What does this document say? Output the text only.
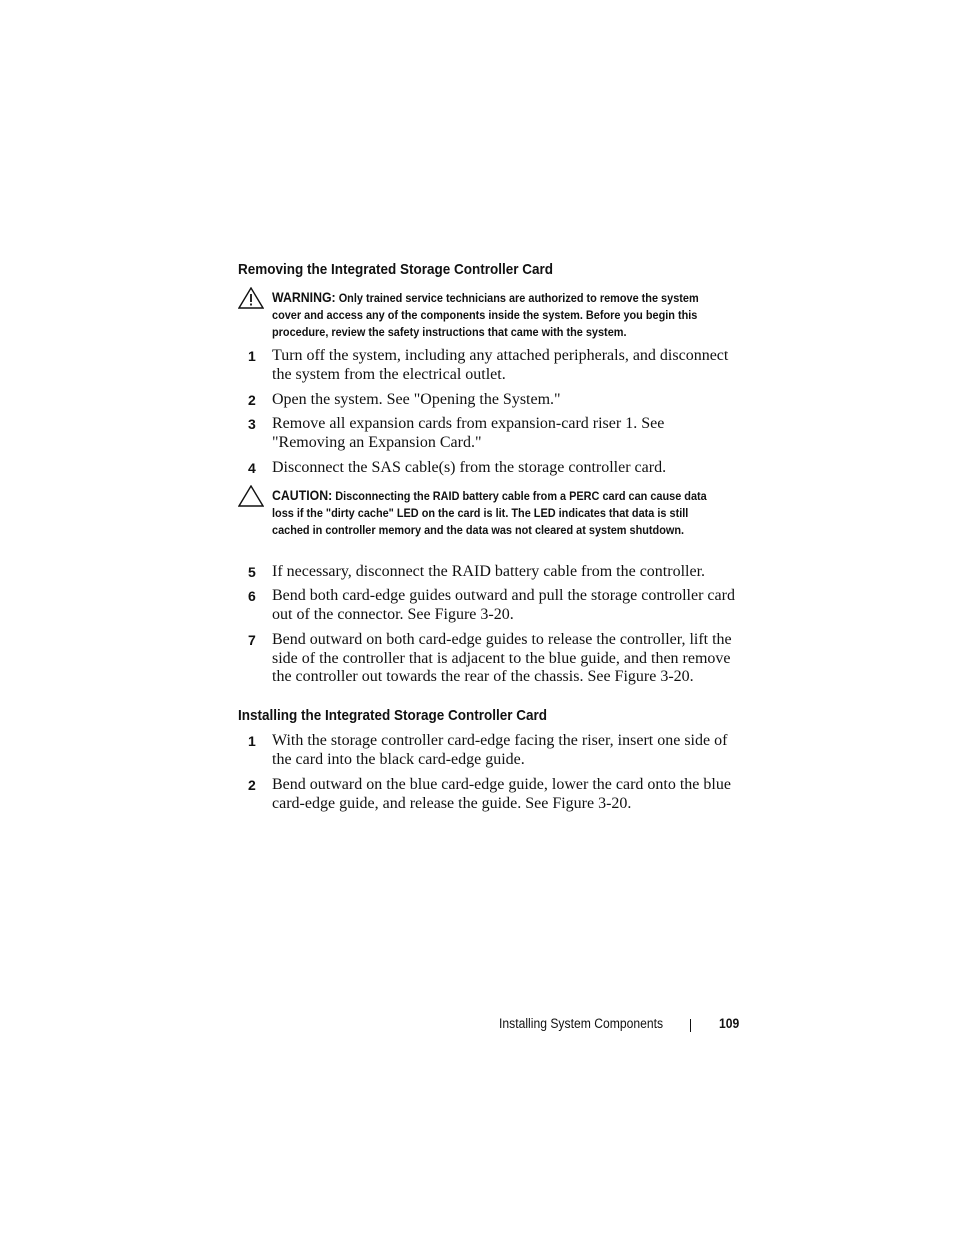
Removing the Integrated Storage Controller Card
WARNING: Only trained service technicians are authorized to remove the system cover and access any of the components inside the system. Before you begin this procedure, review the safety instructions that came with the system.
1 Turn off the system, including any attached peripherals, and disconnect the system from the electrical outlet.
2 Open the system. See "Opening the System."
3 Remove all expansion cards from expansion-card riser 1. See "Removing an Expansion Card."
4 Disconnect the SAS cable(s) from the storage controller card.
CAUTION: Disconnecting the RAID battery cable from a PERC card can cause data loss if the "dirty cache" LED on the card is lit. The LED indicates that data is still cached in controller memory and the data was not cleared at system shutdown.
5 If necessary, disconnect the RAID battery cable from the controller.
6 Bend both card-edge guides outward and pull the storage controller card out of the connector. See Figure 3-20.
7 Bend outward on both card-edge guides to release the controller, lift the side of the controller that is adjacent to the blue guide, and then remove the controller out towards the rear of the chassis. See Figure 3-20.
Installing the Integrated Storage Controller Card
1 With the storage controller card-edge facing the riser, insert one side of the card into the black card-edge guide.
2 Bend outward on the blue card-edge guide, lower the card onto the blue card-edge guide, and release the guide. See Figure 3-20.
Installing System Components	109
